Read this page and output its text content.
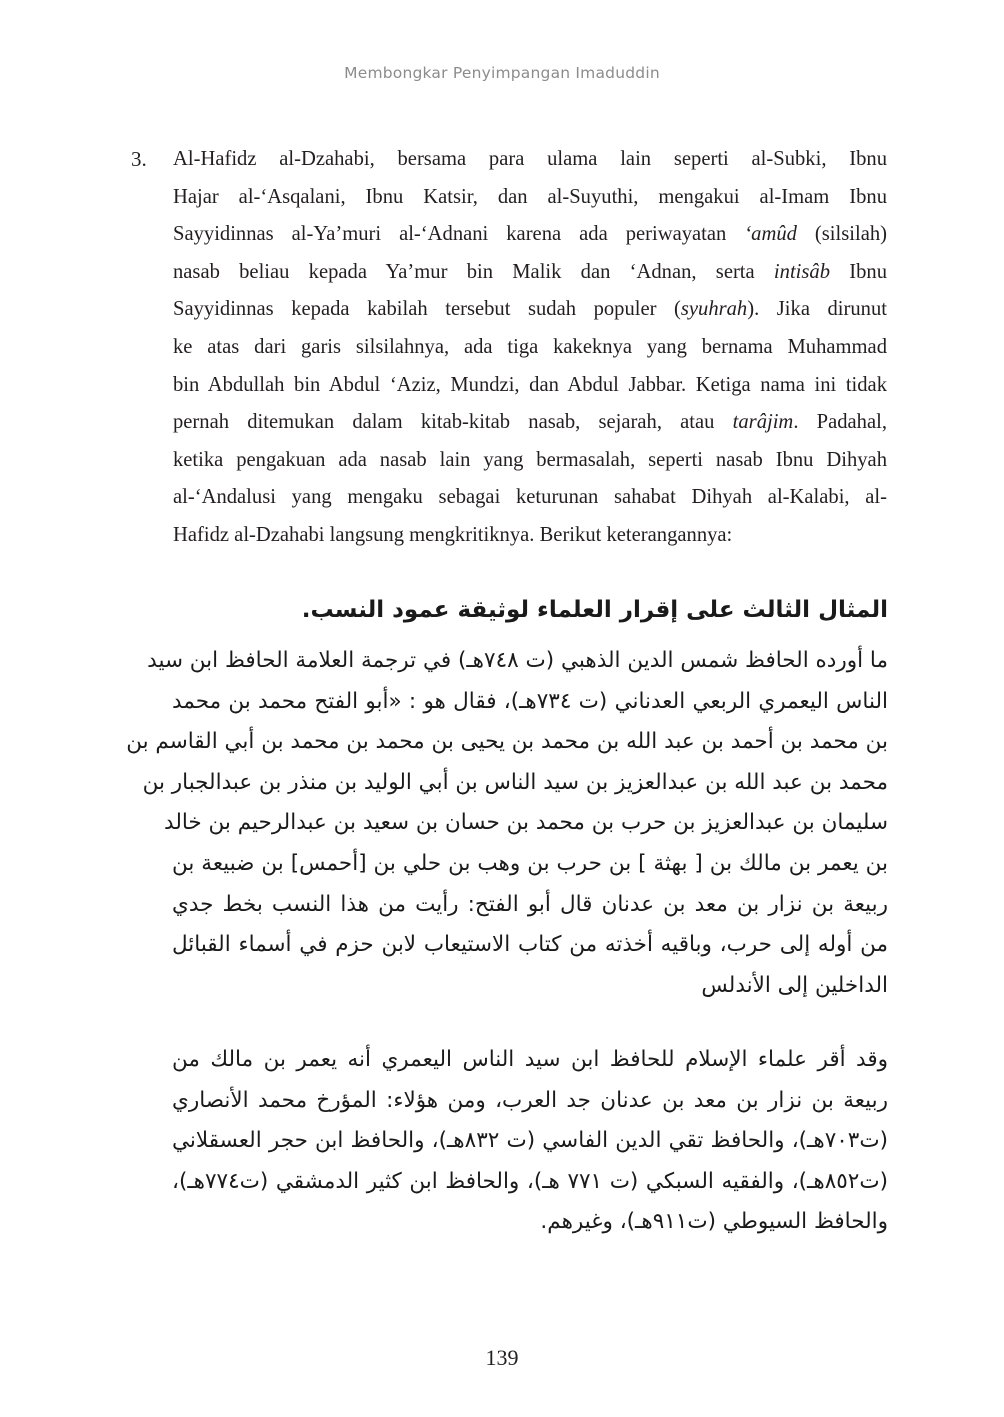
Membongkar Penyimpangan Imaduddin
3. Al-Hafidz al-Dzahabi, bersama para ulama lain seperti al-Subki, Ibnu
Hajar al-‘Asqalani, Ibnu Katsir, dan al-Suyuthi, mengakui al-Imam Ibnu
Sayyidinnas al-Ya’muri al-‘Adnani karena ada periwayatan ‘amûd (silsilah)
nasab beliau kepada Ya’mur bin Malik dan ‘Adnan, serta intisâb Ibnu
Sayyidinnas kepada kabilah tersebut sudah populer (syuhrah). Jika dirunut
ke atas dari garis silsilahnya, ada tiga kakeknya yang bernama Muhammad
bin Abdullah bin Abdul ‘Aziz, Mundzi, dan Abdul Jabbar. Ketiga nama ini tidak
pernah ditemukan dalam kitab-kitab nasab, sejarah, atau tarâjim. Padahal,
ketika pengakuan ada nasab lain yang bermasalah, seperti nasab Ibnu Dihyah
al-‘Andalusi yang mengaku sebagai keturunan sahabat Dihyah al-Kalabi, al-
Hafidz al-Dzahabi langsung mengkritiknya. Berikut keterangannya:
المثال الثالث على إقرار العلماء لوثيقة عمود النسب.
ما أورده الحافظ شمس الدين الذهبي (ت ٧٤٨هـ) في ترجمة العلامة الحافظ ابن سيد
الناس اليعمري الربعي العدناني (ت ٧٣٤هـ)، فقال هو : «أبو الفتح محمد بن محمد
بن محمد بن أحمد بن عبد الله بن محمد بن يحيى بن محمد بن محمد بن أبي القاسم بن
محمد بن عبد الله بن عبدالعزيز بن سيد الناس بن أبي الوليد بن منذر بن عبدالجبار بن
سليمان بن عبدالعزيز بن حرب بن محمد بن حسان بن سعيد بن عبدالرحيم بن خالد
بن يعمر بن مالك بن [ بهثة ] بن حرب بن وهب بن حلي بن [أحمس] بن ضبيعة بن
ربيعة بن نزار بن معد بن عدنان قال أبو الفتح: رأيت من هذا النسب بخط جدي
من أوله إلى حرب، وباقيه أخذته من كتاب الاستيعاب لابن حزم في أسماء القبائل
الداخلين إلى الأندلس
وقد أقر علماء الإسلام للحافظ ابن سيد الناس اليعمري أنه يعمر بن مالك من
ربيعة بن نزار بن معد بن عدنان جد العرب، ومن هؤلاء: المؤرخ محمد الأنصاري
(ت٧٠٣هـ)، والحافظ تقي الدين الفاسي (ت ٨٣٢هـ)، والحافظ ابن حجر العسقلاني
(ت٨٥٢هـ)، والفقيه السبكي (ت ٧٧١ هـ)، والحافظ ابن كثير الدمشقي (ت٧٧٤هـ)،
والحافظ السيوطي (ت٩١١هـ)، وغيرهم.
139
